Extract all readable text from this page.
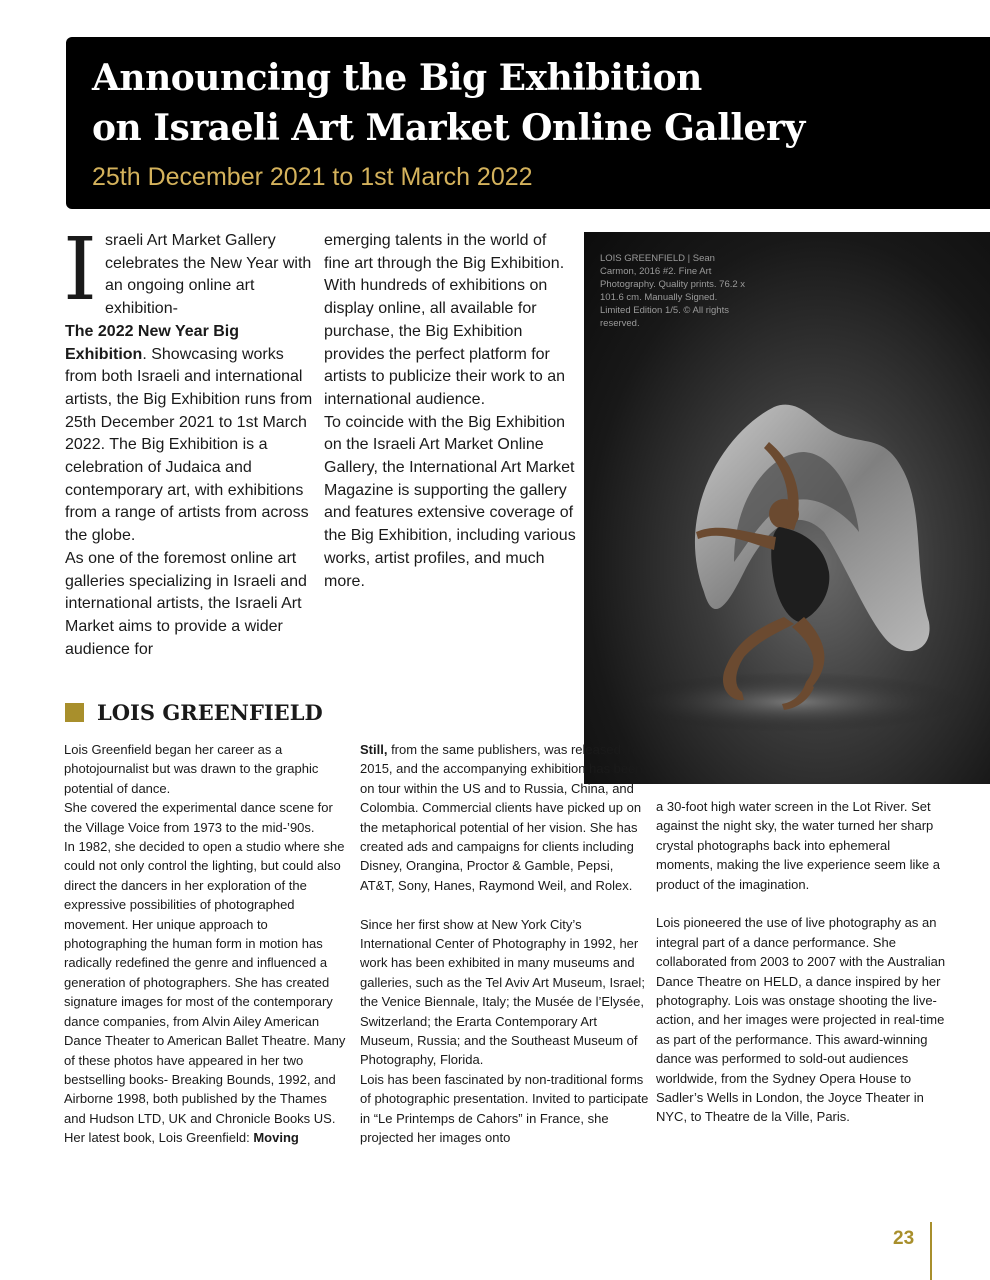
Announcing the Big Exhibition
on Israeli Art Market Online Gallery
25th December 2021 to 1st March 2022

Israeli Art Market Gallery celebrates the New Year with an ongoing online art exhibition-
The 2022 New Year Big Exhibition. Showcasing works from both Israeli and international artists, the Big Exhibition runs from 25th December 2021 to 1st March 2022. The Big Exhibition is a celebration of Judaica and contemporary art, with exhibitions from a range of artists from across the globe.

As one of the foremost online art galleries specializing in Israeli and international artists, the Israeli Art Market aims to provide a wider audience for

emerging talents in the world of fine art through the Big Exhibition.

With hundreds of exhibitions on display online, all available for purchase, the Big Exhibition provides the perfect platform for artists to publicize their work to an international audience.

To coincide with the Big Exhibition on the Israeli Art Market Online Gallery, the International Art Market Magazine is supporting the gallery and features extensive coverage of the Big Exhibition, including various works, artist profiles, and much more.

LOIS GREENFIELD | Sean Carmon, 2016 #2. Fine Art Photography. Quality prints. 76.2 x 101.6 cm. Manually Signed. Limited Edition 1/5. © All rights reserved.
LOIS GREENFIELD

Lois Greenfield began her career as a photojournalist but was drawn to the graphic potential of dance.

She covered the experimental dance scene for the Village Voice from 1973 to the mid-’90s.

In 1982, she decided to open a studio where she could not only control the lighting, but could also direct the dancers in her exploration of the expressive possibilities of photographed movement. Her unique approach to photographing the human form in motion has radically redefined the genre and influenced a generation of photographers. She has created signature images for most of the contemporary dance companies, from Alvin Ailey American Dance Theater to American Ballet Theatre. Many of these photos have appeared in her two bestselling books- Breaking Bounds, 1992, and Airborne 1998, both published by the Thames and Hudson LTD, UK and Chronicle Books US.

Her latest book, Lois Greenfield: Moving

Still, from the same publishers, was released in 2015, and the accompanying exhibition has been on tour within the US and to Russia, China, and Colombia. Commercial clients have picked up on the metaphorical potential of her vision. She has created ads and campaigns for clients including Disney, Orangina, Proctor & Gamble, Pepsi, AT&T, Sony, Hanes, Raymond Weil, and Rolex.

Since her first show at New York City’s International Center of Photography in 1992, her work has been exhibited in many museums and galleries, such as the Tel Aviv Art Museum, Israel; the Venice Biennale, Italy; the Musée de l’Elysée, Switzerland; the Erarta Contemporary Art Museum, Russia; and the Southeast Museum of Photography, Florida.

Lois has been fascinated by non-traditional forms of photographic presentation. Invited to participate in “Le Printemps de Cahors” in France, she projected her images onto

a 30-foot high water screen in the Lot River. Set against the night sky, the water turned her sharp crystal photographs back into ephemeral moments, making the live experience seem like a product of the imagination.

Lois pioneered the use of live photography as an integral part of a dance performance. She collaborated from 2003 to 2007 with the Australian Dance Theatre on HELD, a dance inspired by her photography. Lois was onstage shooting the live-action, and her images were projected in real-time as part of the performance. This award-winning dance was performed to sold-out audiences worldwide, from the Sydney Opera House to Sadler’s Wells in London, the Joyce Theater in NYC, to Theatre de la Ville, Paris.

23
